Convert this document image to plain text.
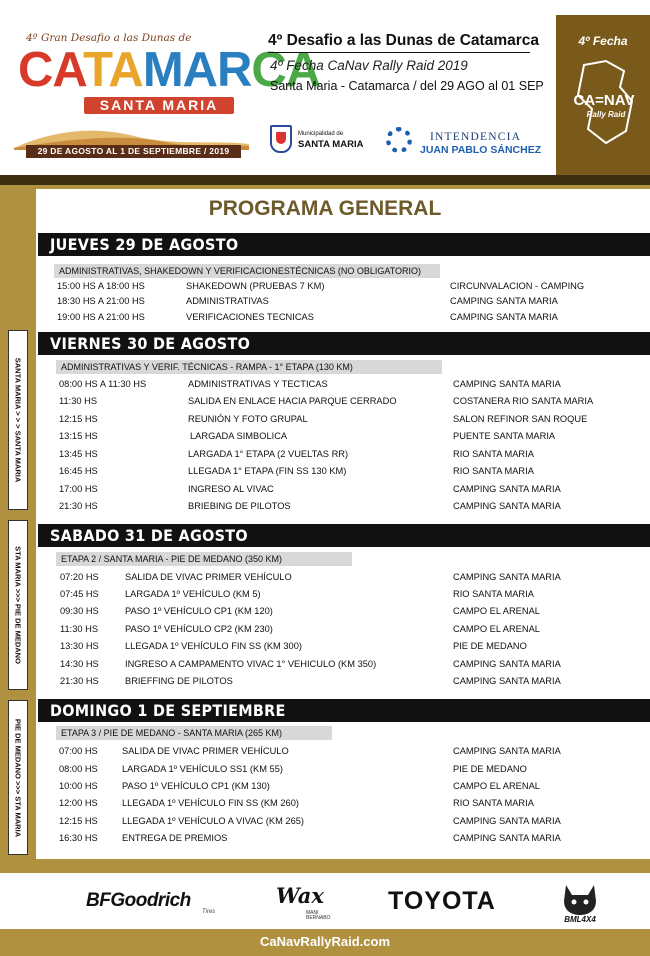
4º Gran Desafio a las Dunas de
CATAMARCA
SANTA MARIA
29 DE AGOSTO AL 1 DE SEPTIEMBRE / 2019
4º Desafio a las Dunas de Catamarca
4º Fecha CaNav Rally Raid 2019
Santa Maria - Catamarca / del 29 AGO al 01 SEP
Municipalidad de
SANTA MARIA
INTENDENCIA
JUAN PABLO SÁNCHEZ
4º Fecha
CA=NAV
Rally Raid
SANTA MARIA > > > SANTA MARIA
STA MARIA >>> PIE DE MEDANO
PIE DE MEDANO >>> STA MARIA
PROGRAMA GENERAL
JUEVES 29 DE AGOSTO
ADMINISTRATIVAS, SHAKEDOWN Y VERIFICACIONESTÉCNICAS (NO OBLIGATORIO)
15:00 HS A 18:00 HS	SHAKEDOWN (PRUEBAS 7 KM)	CIRCUNVALACION - CAMPING
18:30 HS A 21:00 HS	ADMINISTRATIVAS	CAMPING SANTA MARIA
19:00 HS A 21:00 HS	VERIFICACIONES TECNICAS	CAMPING SANTA MARIA
VIERNES 30 DE AGOSTO
ADMINISTRATIVAS Y VERIF. TÉCNICAS - RAMPA - 1° ETAPA (130 KM)
08:00 HS A 11:30 HS	ADMINISTRATIVAS Y TECTICAS	CAMPING SANTA MARIA
11:30 HS	SALIDA EN ENLACE HACIA PARQUE CERRADO	COSTANERA RIO SANTA MARIA
12:15 HS	REUNIÓN Y FOTO GRUPAL	SALON REFINOR SAN ROQUE
13:15 HS	LARGADA SIMBOLICA	PUENTE SANTA MARIA
13:45 HS	LARGADA 1° ETAPA (2 VUELTAS RR)	RIO SANTA MARIA
16:45 HS	LLEGADA 1° ETAPA (FIN SS 130 KM)	RIO SANTA MARIA
17:00 HS	INGRESO AL VIVAC	CAMPING SANTA MARIA
21:30 HS	BRIEBING DE PILOTOS	CAMPING SANTA MARIA
SABADO 31 DE AGOSTO
ETAPA 2 / SANTA MARIA - PIE DE MEDANO (350 KM)
07:20 HS	SALIDA DE VIVAC PRIMER VEHÍCULO	CAMPING SANTA MARIA
07:45 HS	LARGADA 1º VEHÍCULO (KM 5)	RIO SANTA MARIA
09:30 HS	PASO 1º VEHÍCULO CP1 (KM 120)	CAMPO EL ARENAL
11:30 HS	PASO 1º VEHÍCULO CP2 (KM 230)	CAMPO EL ARENAL
13:30 HS	LLEGADA 1º VEHÍCULO FIN SS (KM 300)	PIE DE MEDANO
14:30 HS	INGRESO A CAMPAMENTO VIVAC 1° VEHICULO (KM 350)	CAMPING SANTA MARIA
21:30 HS	BRIEFFING DE PILOTOS	CAMPING SANTA MARIA
DOMINGO 1 DE SEPTIEMBRE
ETAPA 3 / PIE DE MEDANO - SANTA MARIA (265 KM)
07:00 HS	SALIDA DE VIVAC PRIMER VEHÍCULO	CAMPING SANTA MARIA
08:00 HS	LARGADA 1º VEHÍCULO SS1 (KM 55)	PIE DE MEDANO
10:00 HS	PASO 1º VEHÍCULO CP1 (KM 130)	CAMPO EL ARENAL
12:00 HS	LLEGADA 1º VEHÍCULO FIN SS (KM 260)	RIO SANTA MARIA
12:15 HS	LLEGADA 1º VEHÍCULO A VIVAC (KM 265)	CAMPING SANTA MARIA
16:30 HS	ENTREGA DE PREMIOS	CAMPING SANTA MARIA
BFGoodrich
Tires
Wax
MANI
BERNABO
TOYOTA
BML4X4
CaNavRallyRaid.com
